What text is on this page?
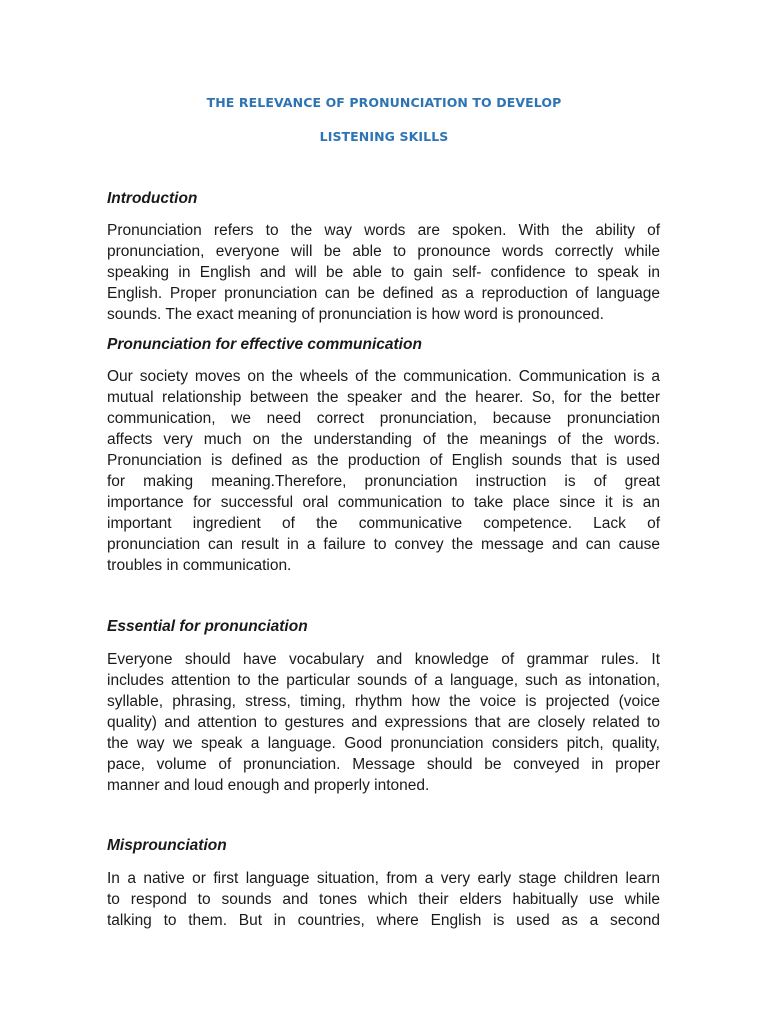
THE RELEVANCE OF PRONUNCIATION TO DEVELOP
LISTENING SKILLS
Introduction
Pronunciation refers to the way words are spoken. With the ability of
pronunciation, everyone will be able to pronounce words correctly while
speaking in English and will be able to gain self- confidence to speak in
English. Proper pronunciation can be defined as a reproduction of language
sounds. The exact meaning of pronunciation is how word is pronounced.
Pronunciation for effective communication
Our society moves on the wheels of the communication. Communication is a
mutual relationship between the speaker and the hearer. So, for the better
communication, we need correct pronunciation, because pronunciation
affects very much on the understanding of the meanings of the words.
Pronunciation is defined as the production of English sounds that is used
for making meaning.Therefore, pronunciation instruction is of great
importance for successful oral communication to take place since it is an
important ingredient of the communicative competence. Lack of
pronunciation can result in a failure to convey the message and can cause
troubles in communication.
Essential for pronunciation
Everyone should have vocabulary and knowledge of grammar rules. It
includes attention to the particular sounds of a language, such as intonation,
syllable, phrasing, stress, timing, rhythm how the voice is projected (voice
quality) and attention to gestures and expressions that are closely related to
the way we speak a language. Good pronunciation considers pitch, quality,
pace, volume of pronunciation. Message should be conveyed in proper
manner and loud enough and properly intoned.
Misprounciation
In a native or first language situation, from a very early stage children learn
to respond to sounds and tones which their elders habitually use while
talking to them. But in countries, where English is used as a second
